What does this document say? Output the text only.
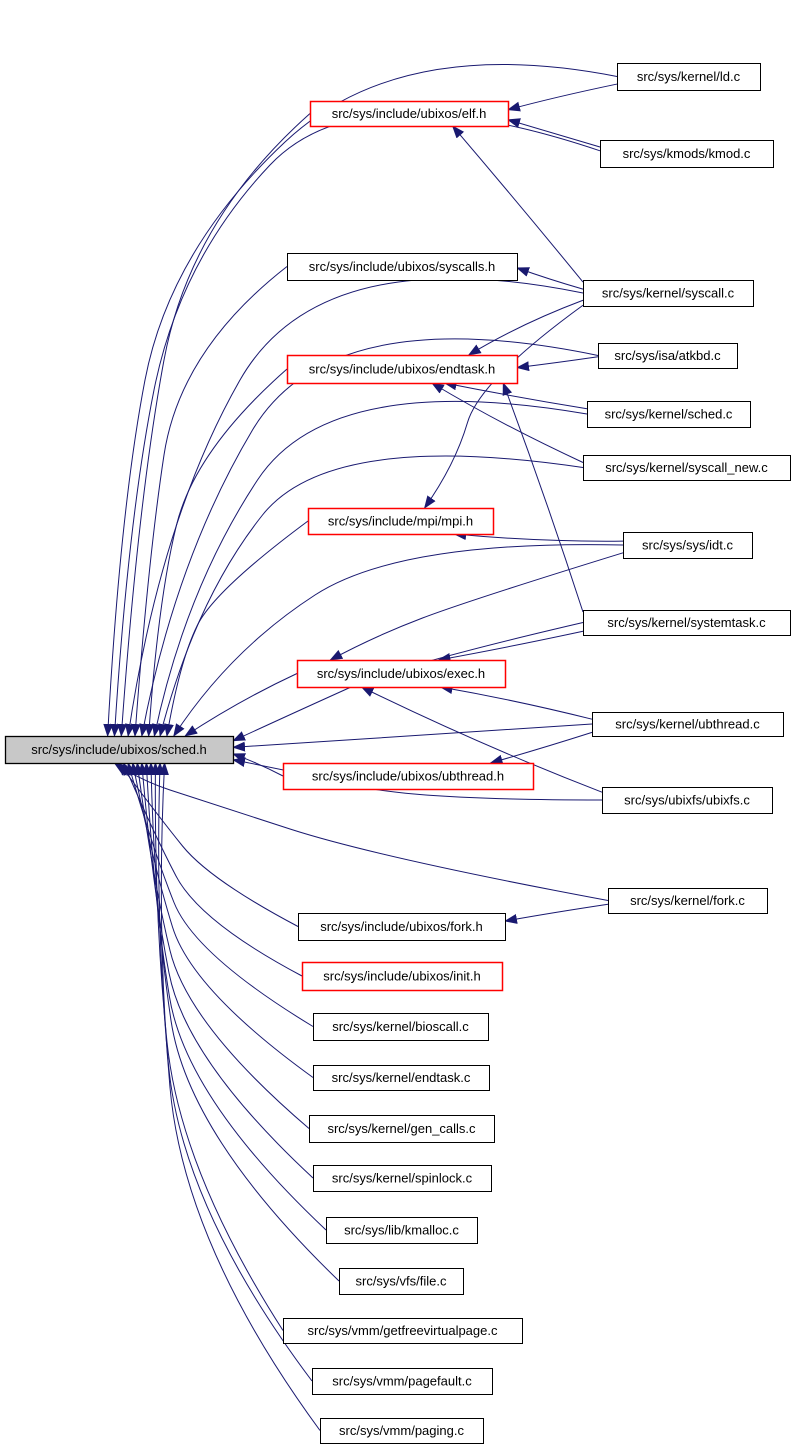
src/sys/include/ubixos/sched.h
src/sys/kernel/ld.c
src/sys/include/ubixos/elf.h
src/sys/kmods/kmod.c
src/sys/include/ubixos/syscalls.h
src/sys/kernel/syscall.c
src/sys/isa/atkbd.c
src/sys/include/ubixos/endtask.h
src/sys/kernel/sched.c
src/sys/kernel/syscall_new.c
src/sys/include/mpi/mpi.h
src/sys/sys/idt.c
src/sys/kernel/systemtask.c
src/sys/include/ubixos/exec.h
src/sys/kernel/ubthread.c
src/sys/include/ubixos/ubthread.h
src/sys/ubixfs/ubixfs.c
src/sys/kernel/fork.c
src/sys/include/ubixos/fork.h
src/sys/include/ubixos/init.h
src/sys/kernel/bioscall.c
src/sys/kernel/endtask.c
src/sys/kernel/gen_calls.c
src/sys/kernel/spinlock.c
src/sys/lib/kmalloc.c
src/sys/vfs/file.c
src/sys/vmm/getfreevirtualpage.c
src/sys/vmm/pagefault.c
src/sys/vmm/paging.c
